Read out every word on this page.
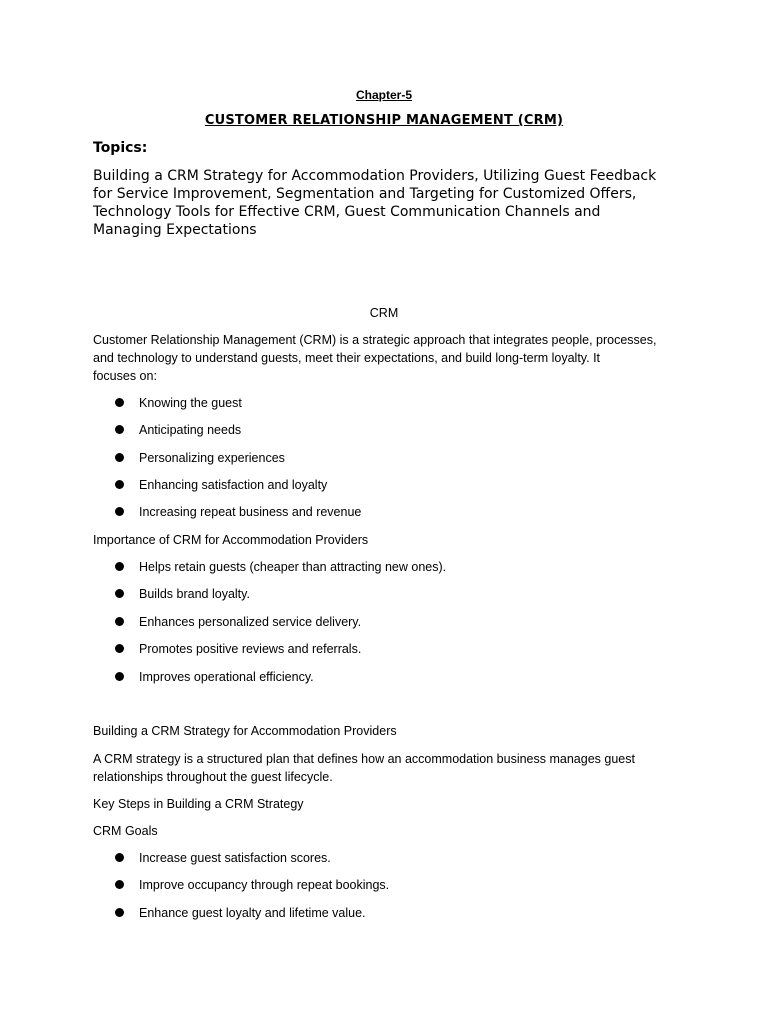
Chapter-5
CUSTOMER RELATIONSHIP MANAGEMENT (CRM)
Topics:
Building a CRM Strategy for Accommodation Providers, Utilizing Guest Feedback
for Service Improvement, Segmentation and Targeting for Customized Offers,
Technology Tools for Effective CRM, Guest Communication Channels and
Managing Expectations
CRM
Customer Relationship Management (CRM) is a strategic approach that integrates people, processes,
and technology to understand guests, meet their expectations, and build long-term loyalty. It
focuses on:
Knowing the guest
Anticipating needs
Personalizing experiences
Enhancing satisfaction and loyalty
Increasing repeat business and revenue
Importance of CRM for Accommodation Providers
Helps retain guests (cheaper than attracting new ones).
Builds brand loyalty.
Enhances personalized service delivery.
Promotes positive reviews and referrals.
Improves operational efficiency.
Building a CRM Strategy for Accommodation Providers
A CRM strategy is a structured plan that defines how an accommodation business manages guest
relationships throughout the guest lifecycle.
Key Steps in Building a CRM Strategy
CRM Goals
Increase guest satisfaction scores.
Improve occupancy through repeat bookings.
Enhance guest loyalty and lifetime value.
